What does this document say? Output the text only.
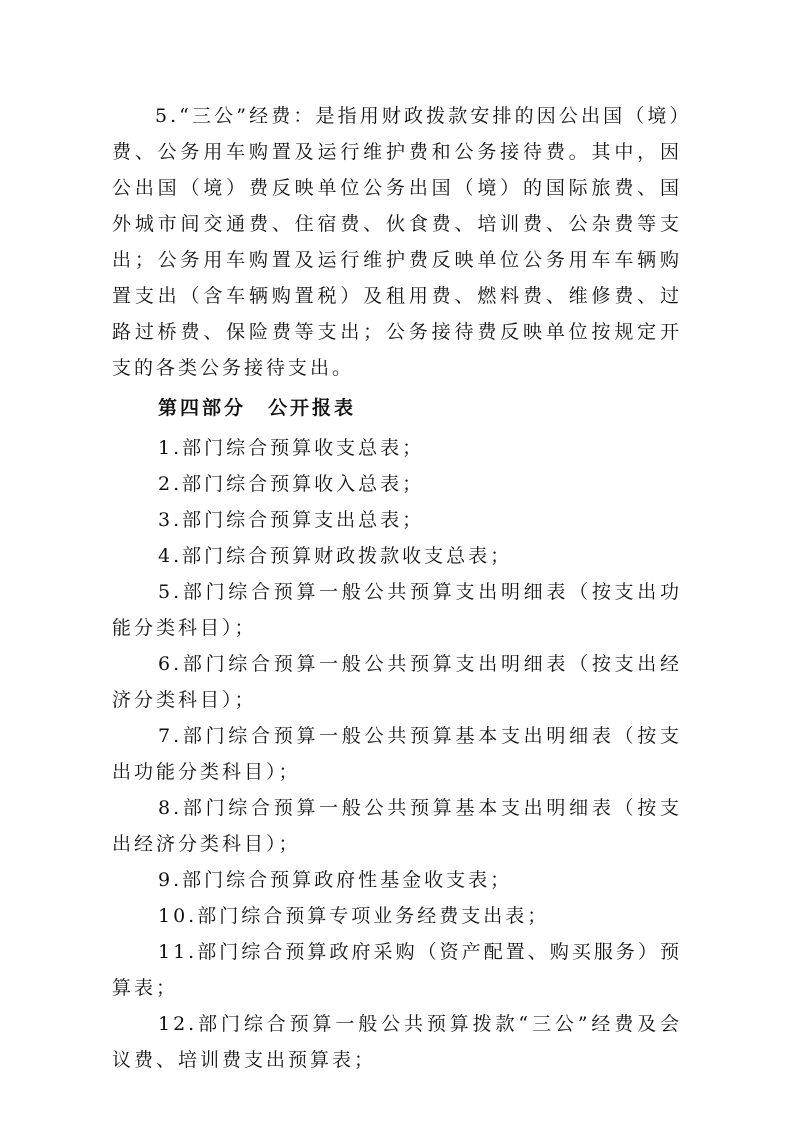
5.“三公”经费：是指用财政拨款安排的因公出国（境）费、公务用车购置及运行维护费和公务接待费。其中，因公出国（境）费反映单位公务出国（境）的国际旅费、国外城市间交通费、住宿费、伙食费、培训费、公杂费等支出；公务用车购置及运行维护费反映单位公务用车车辆购置支出（含车辆购置税）及租用费、燃料费、维修费、过路过桥费、保险费等支出；公务接待费反映单位按规定开支的各类公务接待支出。

第四部分　公开报表

1.部门综合预算收支总表；

2.部门综合预算收入总表；

3.部门综合预算支出总表；

4.部门综合预算财政拨款收支总表；

5.部门综合预算一般公共预算支出明细表（按支出功能分类科目）；

6.部门综合预算一般公共预算支出明细表（按支出经济分类科目）；

7.部门综合预算一般公共预算基本支出明细表（按支出功能分类科目）；

8.部门综合预算一般公共预算基本支出明细表（按支出经济分类科目）；

9.部门综合预算政府性基金收支表；

10.部门综合预算专项业务经费支出表；

11.部门综合预算政府采购（资产配置、购买服务）预算表；

12.部门综合预算一般公共预算拨款“三公”经费及会议费、培训费支出预算表；
